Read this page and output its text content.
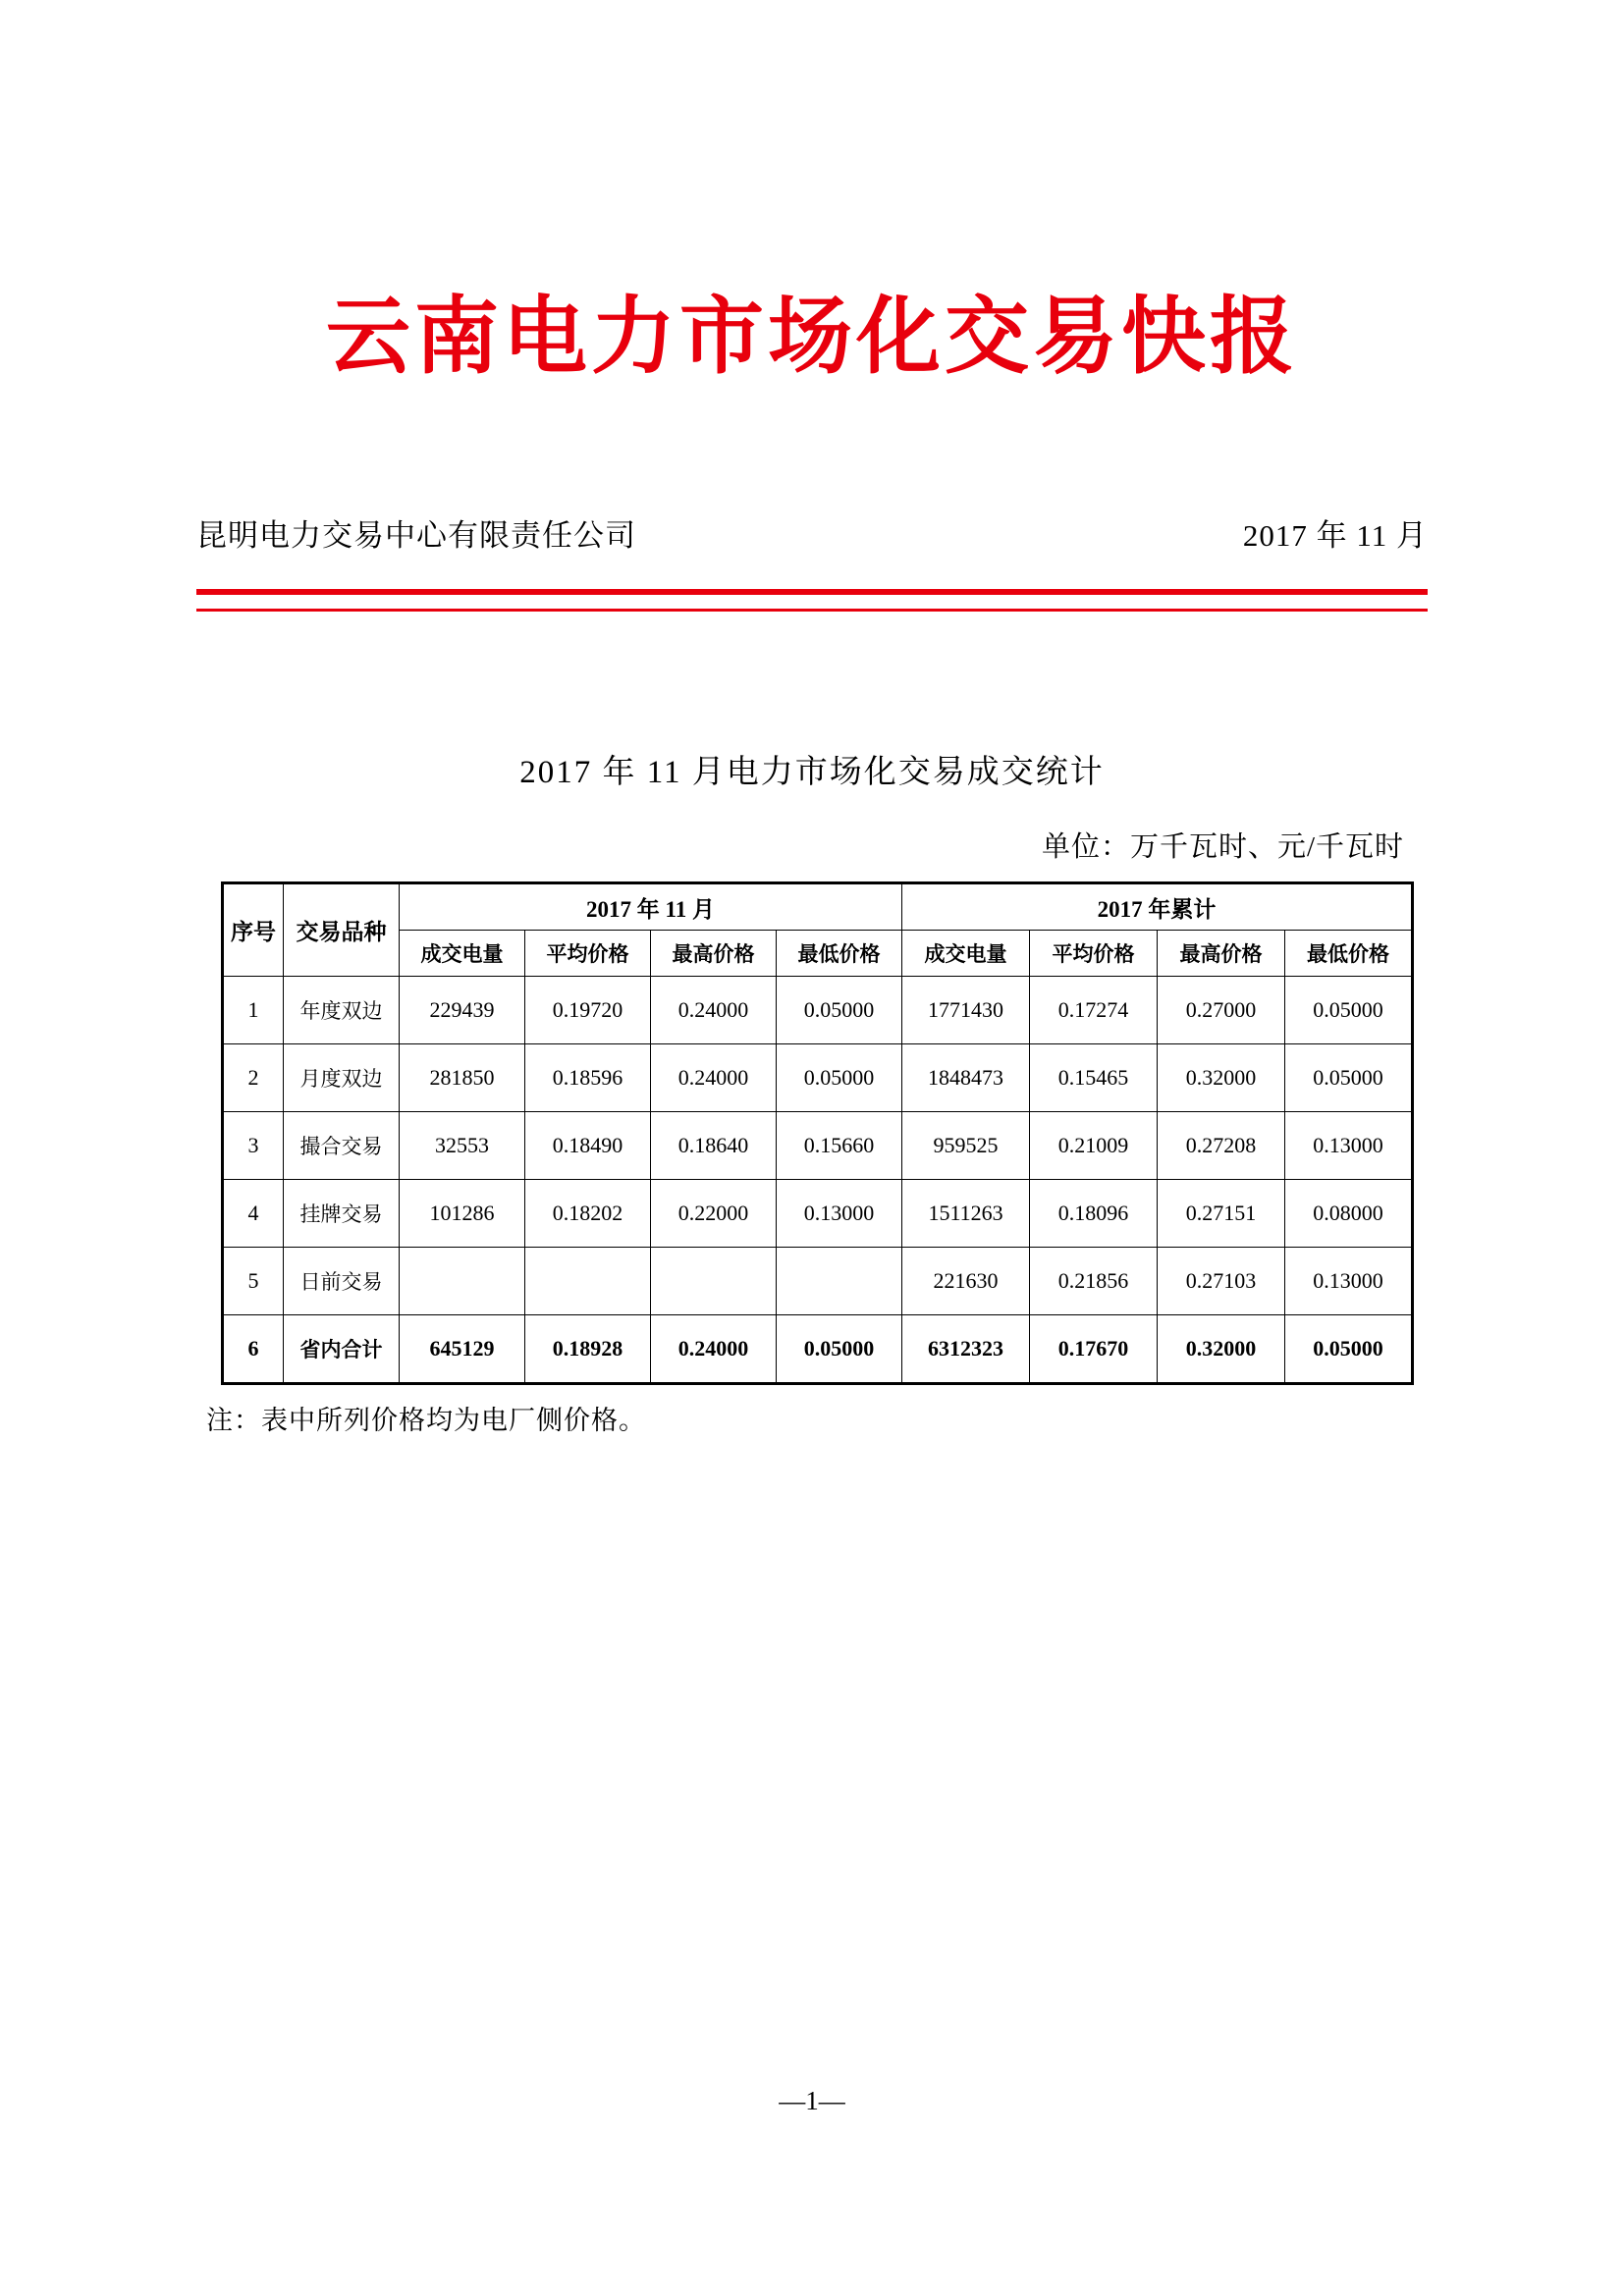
云南电力市场化交易快报
昆明电力交易中心有限责任公司	2017 年 11 月
2017 年 11 月电力市场化交易成交统计
单位：万千瓦时、元/千瓦时
序号	交易品种	2017 年 11 月				2017 年累计			
		成交电量	平均价格	最高价格	最低价格	成交电量	平均价格	最高价格	最低价格
1	年度双边	229439	0.19720	0.24000	0.05000	1771430	0.17274	0.27000	0.05000
2	月度双边	281850	0.18596	0.24000	0.05000	1848473	0.15465	0.32000	0.05000
3	撮合交易	32553	0.18490	0.18640	0.15660	959525	0.21009	0.27208	0.13000
4	挂牌交易	101286	0.18202	0.22000	0.13000	1511263	0.18096	0.27151	0.08000
5	日前交易					221630	0.21856	0.27103	0.13000
6	省内合计	645129	0.18928	0.24000	0.05000	6312323	0.17670	0.32000	0.05000
注：表中所列价格均为电厂侧价格。
—1—
